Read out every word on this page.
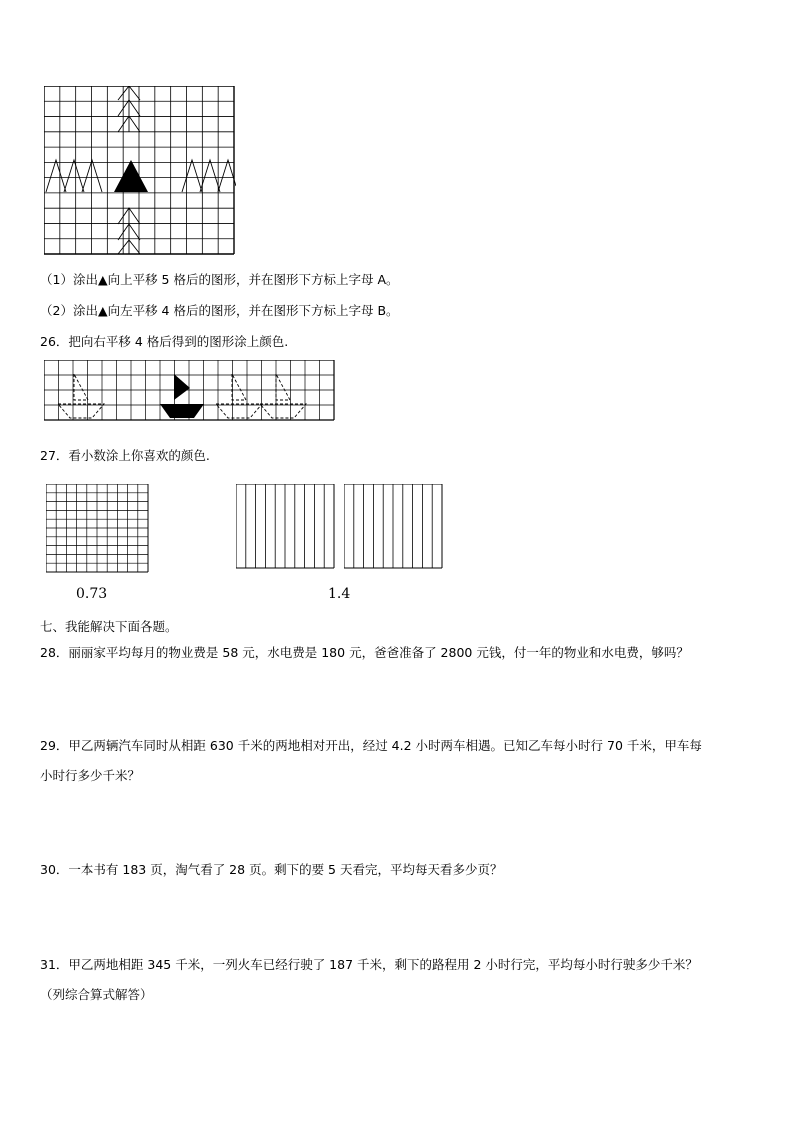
（1）涂出▲向上平移 5 格后的图形，并在图形下方标上字母 A。
（2）涂出▲向左平移 4 格后的图形，并在图形下方标上字母 B。
26．把向右平移 4 格后得到的图形涂上颜色.
27．看小数涂上你喜欢的颜色.
0.73	1.4
七、我能解决下面各题。
28．丽丽家平均每月的物业费是 58 元，水电费是 180 元，爸爸准备了 2800 元钱，付一年的物业和水电费，够吗？
29．甲乙两辆汽车同时从相距 630 千米的两地相对开出，经过 4.2 小时两车相遇。已知乙车每小时行 70 千米，甲车每
小时行多少千米？
30．一本书有 183 页，淘气看了 28 页。剩下的要 5 天看完，平均每天看多少页？
31．甲乙两地相距 345 千米，一列火车已经行驶了 187 千米，剩下的路程用 2 小时行完，平均每小时行驶多少千米？
（列综合算式解答）
